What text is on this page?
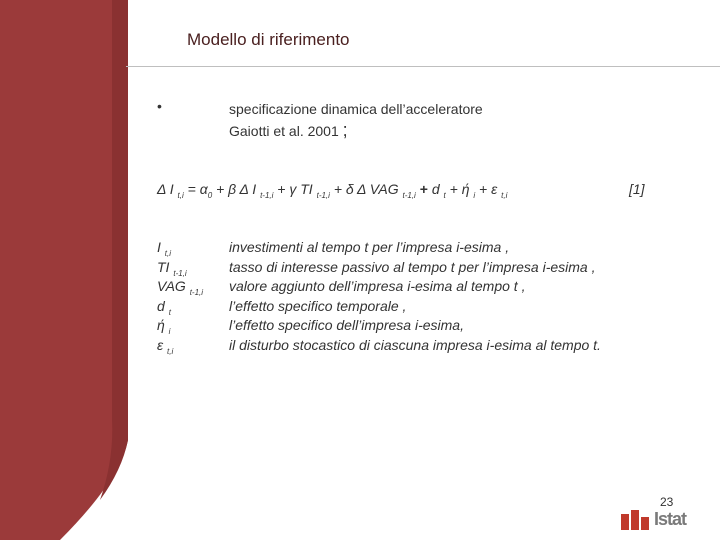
Modello di riferimento
•	specificazione dinamica dell’acceleratore
Gaiotti et al. 2001 ;
Δ I $_{t,i} = \alpha_0 + \beta$ Δ I $_{t-1,i}$ + γ TI $_{t-1,i}$ + δ Δ VAG $_{t-1,i}$ + d $_t$ + ή $_i$ + ε $_{t,i}$	[1]
I $_{t,i}$	investimenti al tempo t per l’impresa i-esima ,
TI $_{t-1,i}$	tasso di interesse passivo al tempo t per l’impresa i-esima ,
VAG $_{t-1,i}$ valore aggiunto dell’impresa i-esima al tempo t ,
d $_t$	l’effetto specifico temporale ,
ή $_i$	l’effetto specifico dell’impresa i-esima,
ε $_{t,i}$	il disturbo stocastico di ciascuna impresa i-esima al tempo t.
23
Istat
